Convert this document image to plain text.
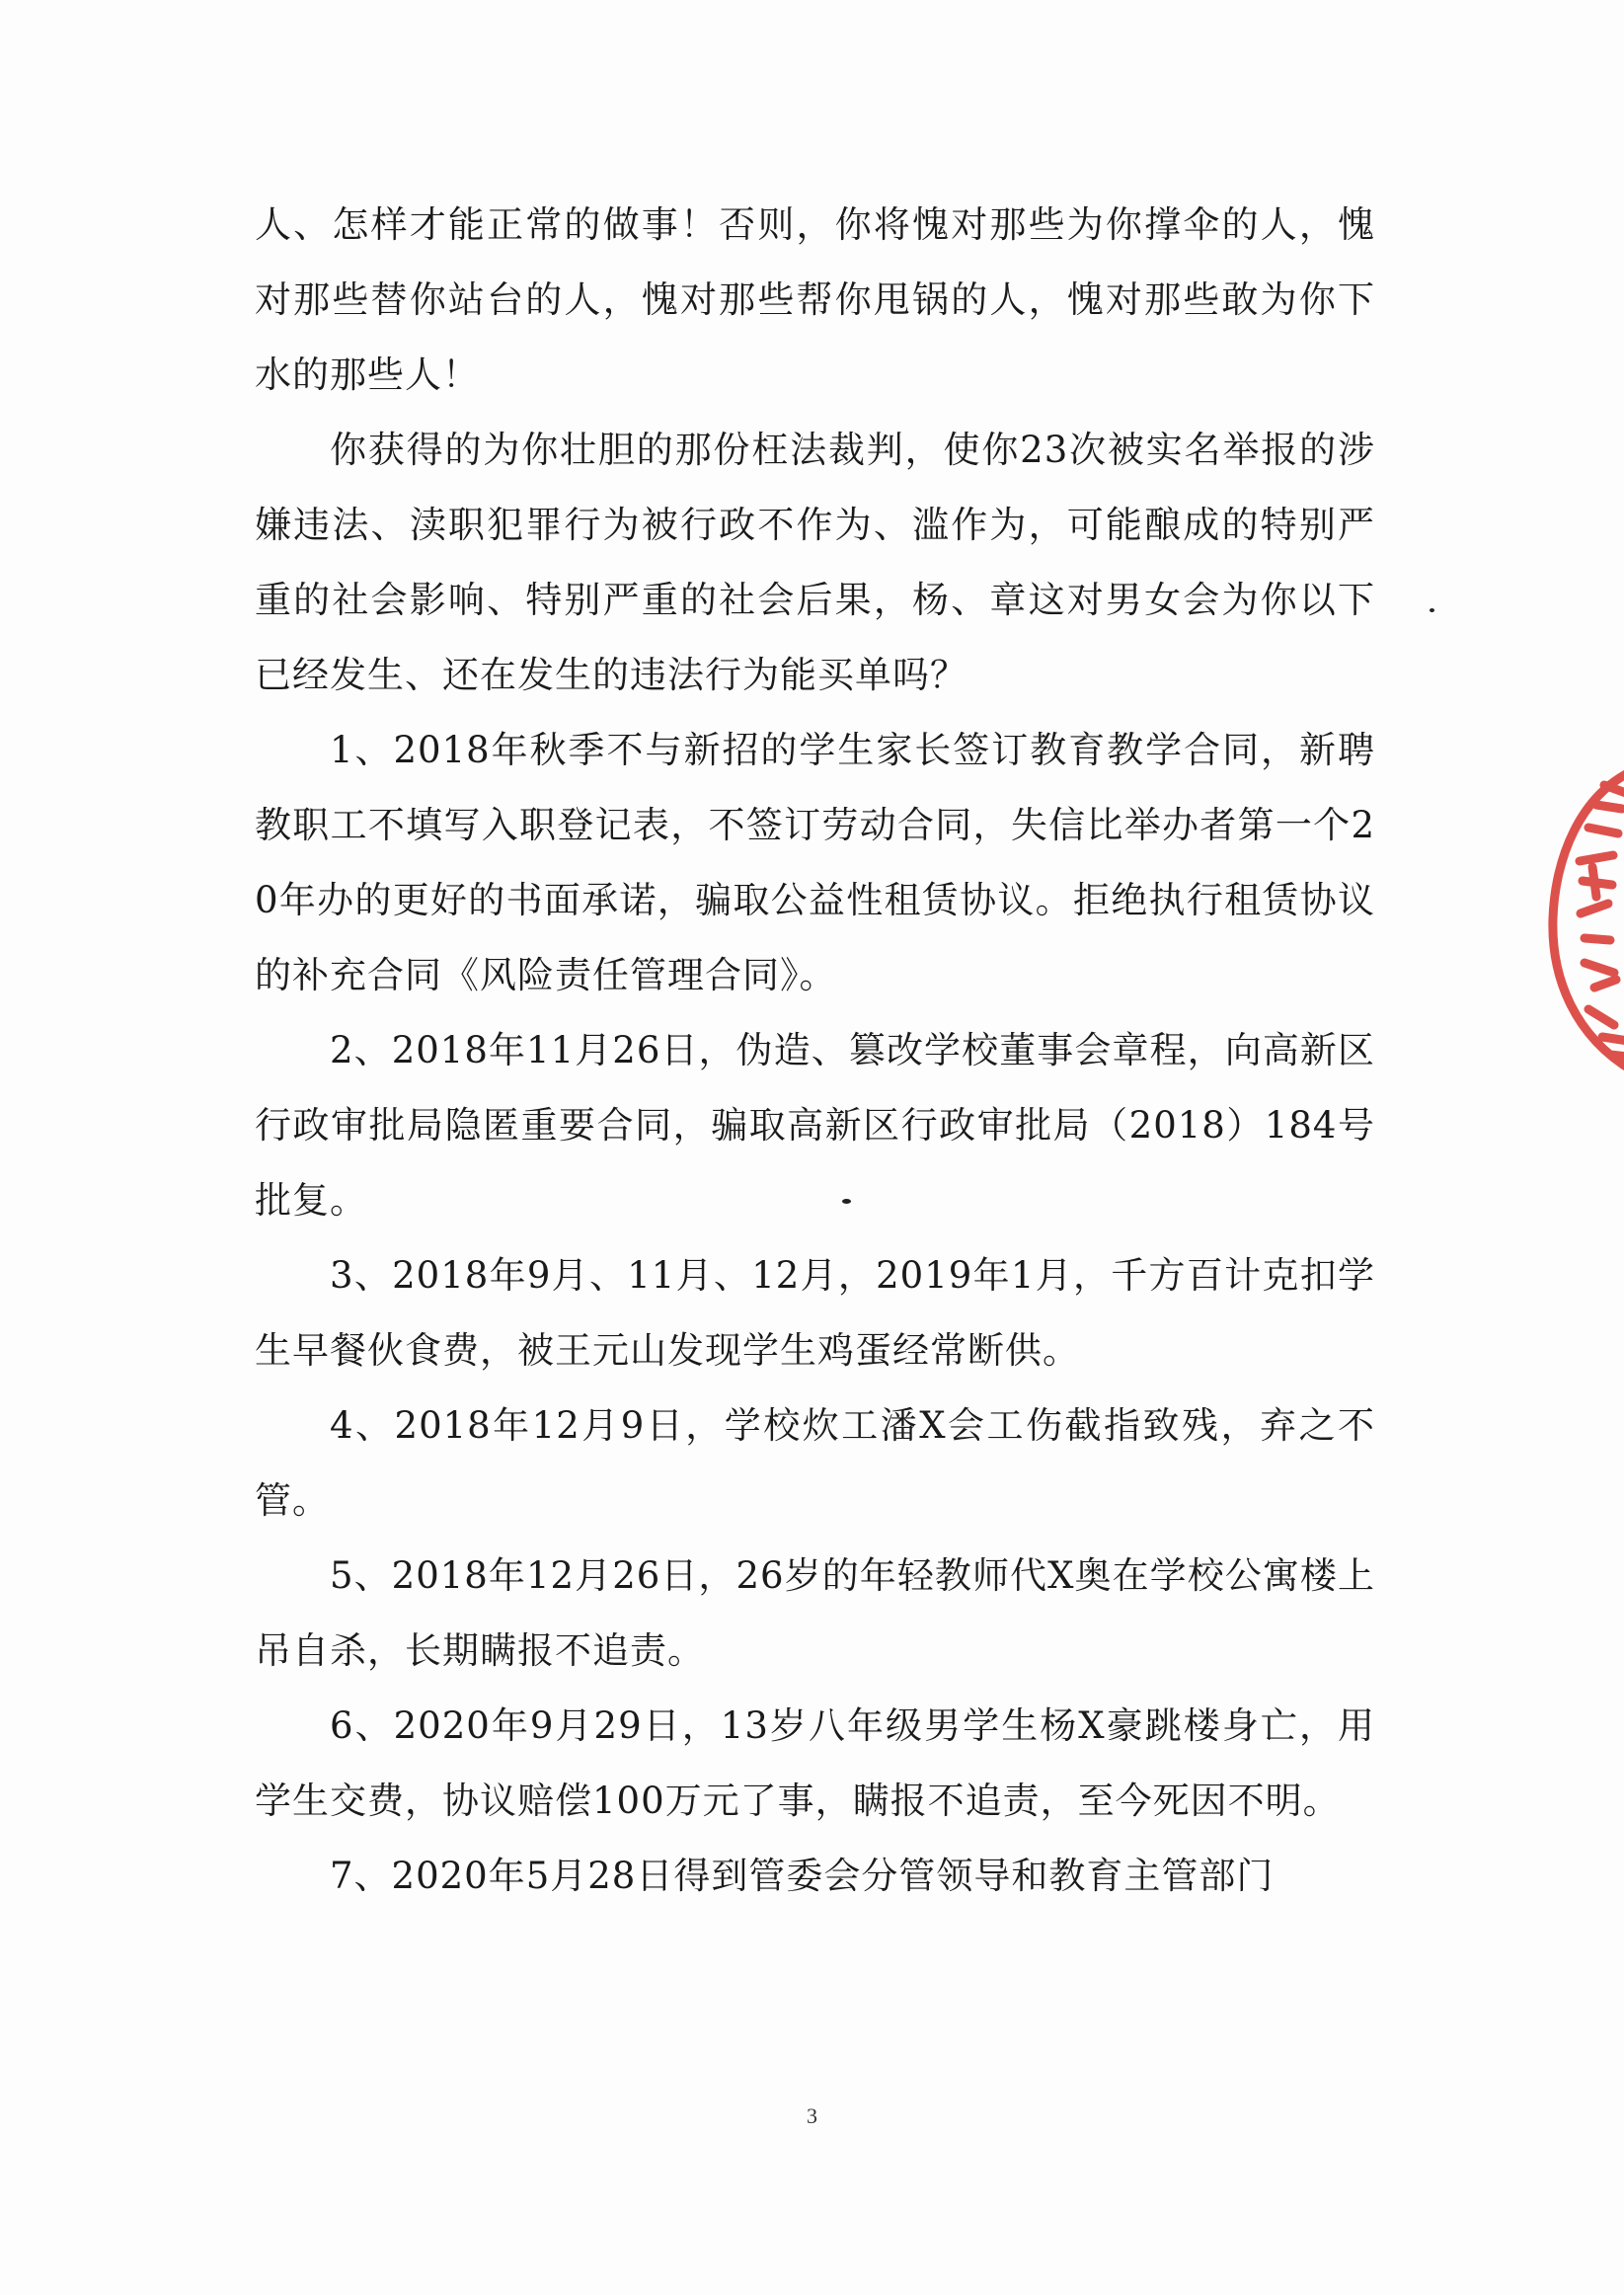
人、怎样才能正常的做事！否则，你将愧对那些为你撑伞的人，愧对那些替你站台的人，愧对那些帮你甩锅的人，愧对那些敢为你下水的那些人！

你获得的为你壮胆的那份枉法裁判，使你23次被实名举报的涉嫌违法、渎职犯罪行为被行政不作为、滥作为，可能酿成的特别严重的社会影响、特别严重的社会后果，杨、章这对男女会为你以下已经发生、还在发生的违法行为能买单吗？

1、2018年秋季不与新招的学生家长签订教育教学合同，新聘教职工不填写入职登记表，不签订劳动合同，失信比举办者第一个20年办的更好的书面承诺，骗取公益性租赁协议。拒绝执行租赁协议的补充合同《风险责任管理合同》。

2、2018年11月26日，伪造、篡改学校董事会章程，向高新区行政审批局隐匿重要合同，骗取高新区行政审批局（2018）184号批复。

3、2018年9月、11月、12月，2019年1月，千方百计克扣学生早餐伙食费，被王元山发现学生鸡蛋经常断供。

4、2018年12月9日，学校炊工潘X会工伤截指致残，弃之不管。

5、2018年12月26日，26岁的年轻教师代X奥在学校公寓楼上吊自杀，长期瞒报不追责。

6、2020年9月29日，13岁八年级男学生杨X豪跳楼身亡，用学生交费，协议赔偿100万元了事，瞒报不追责，至今死因不明。

7、2020年5月28日得到管委会分管领导和教育主管部门

3
